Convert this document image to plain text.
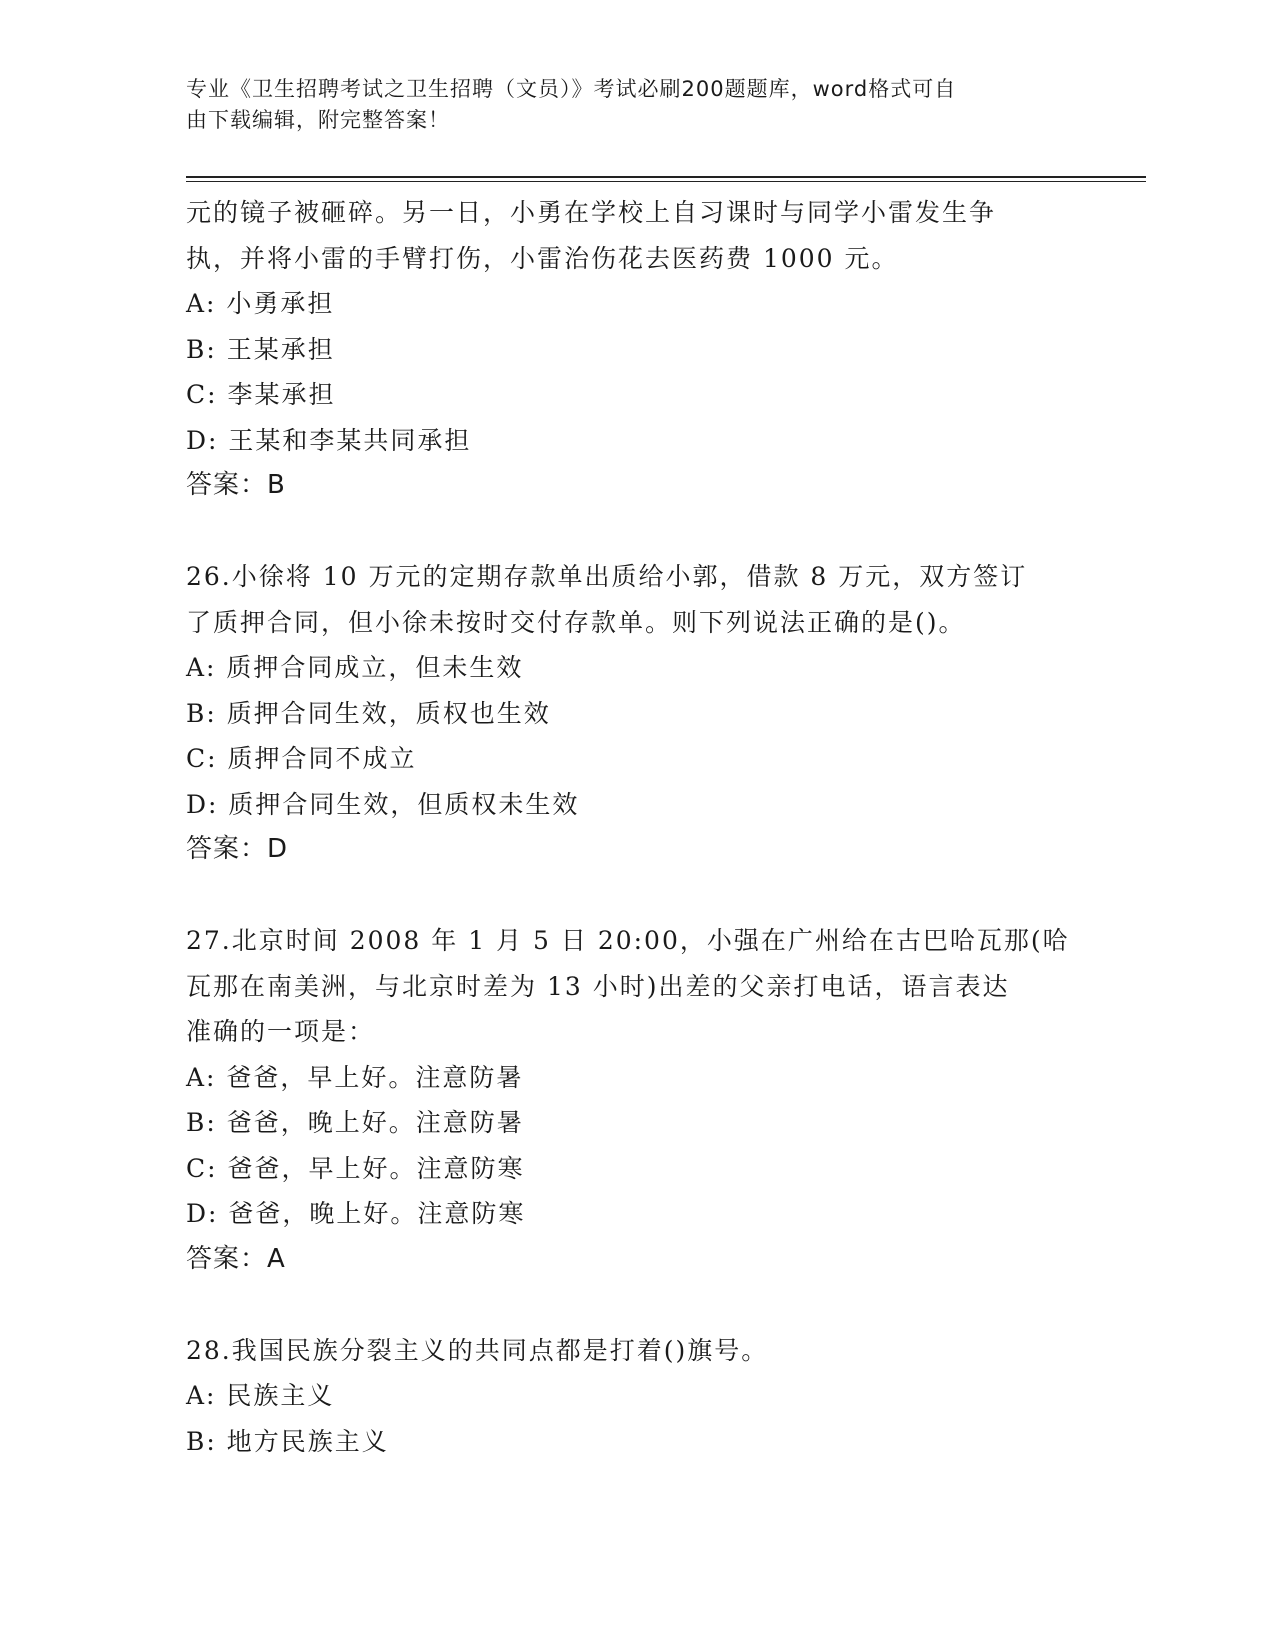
专业《卫生招聘考试之卫生招聘（文员）》考试必刷200题题库，word格式可自
由下载编辑，附完整答案！
元的镜子被砸碎。另一日，小勇在学校上自习课时与同学小雷发生争
执，并将小雷的手臂打伤，小雷治伤花去医药费 1000 元。
A: 小勇承担
B: 王某承担
C: 李某承担
D: 王某和李某共同承担
答案：B
26.小徐将 10 万元的定期存款单出质给小郭，借款 8 万元，双方签订
了质押合同，但小徐未按时交付存款单。则下列说法正确的是()。
A: 质押合同成立，但未生效
B: 质押合同生效，质权也生效
C: 质押合同不成立
D: 质押合同生效，但质权未生效
答案：D
27.北京时间 2008 年 1 月 5 日 20:00，小强在广州给在古巴哈瓦那(哈
瓦那在南美洲，与北京时差为 13 小时)出差的父亲打电话，语言表达
准确的一项是：
A: 爸爸，早上好。注意防暑
B: 爸爸，晚上好。注意防暑
C: 爸爸，早上好。注意防寒
D: 爸爸，晚上好。注意防寒
答案：A
28.我国民族分裂主义的共同点都是打着()旗号。
A: 民族主义
B: 地方民族主义
